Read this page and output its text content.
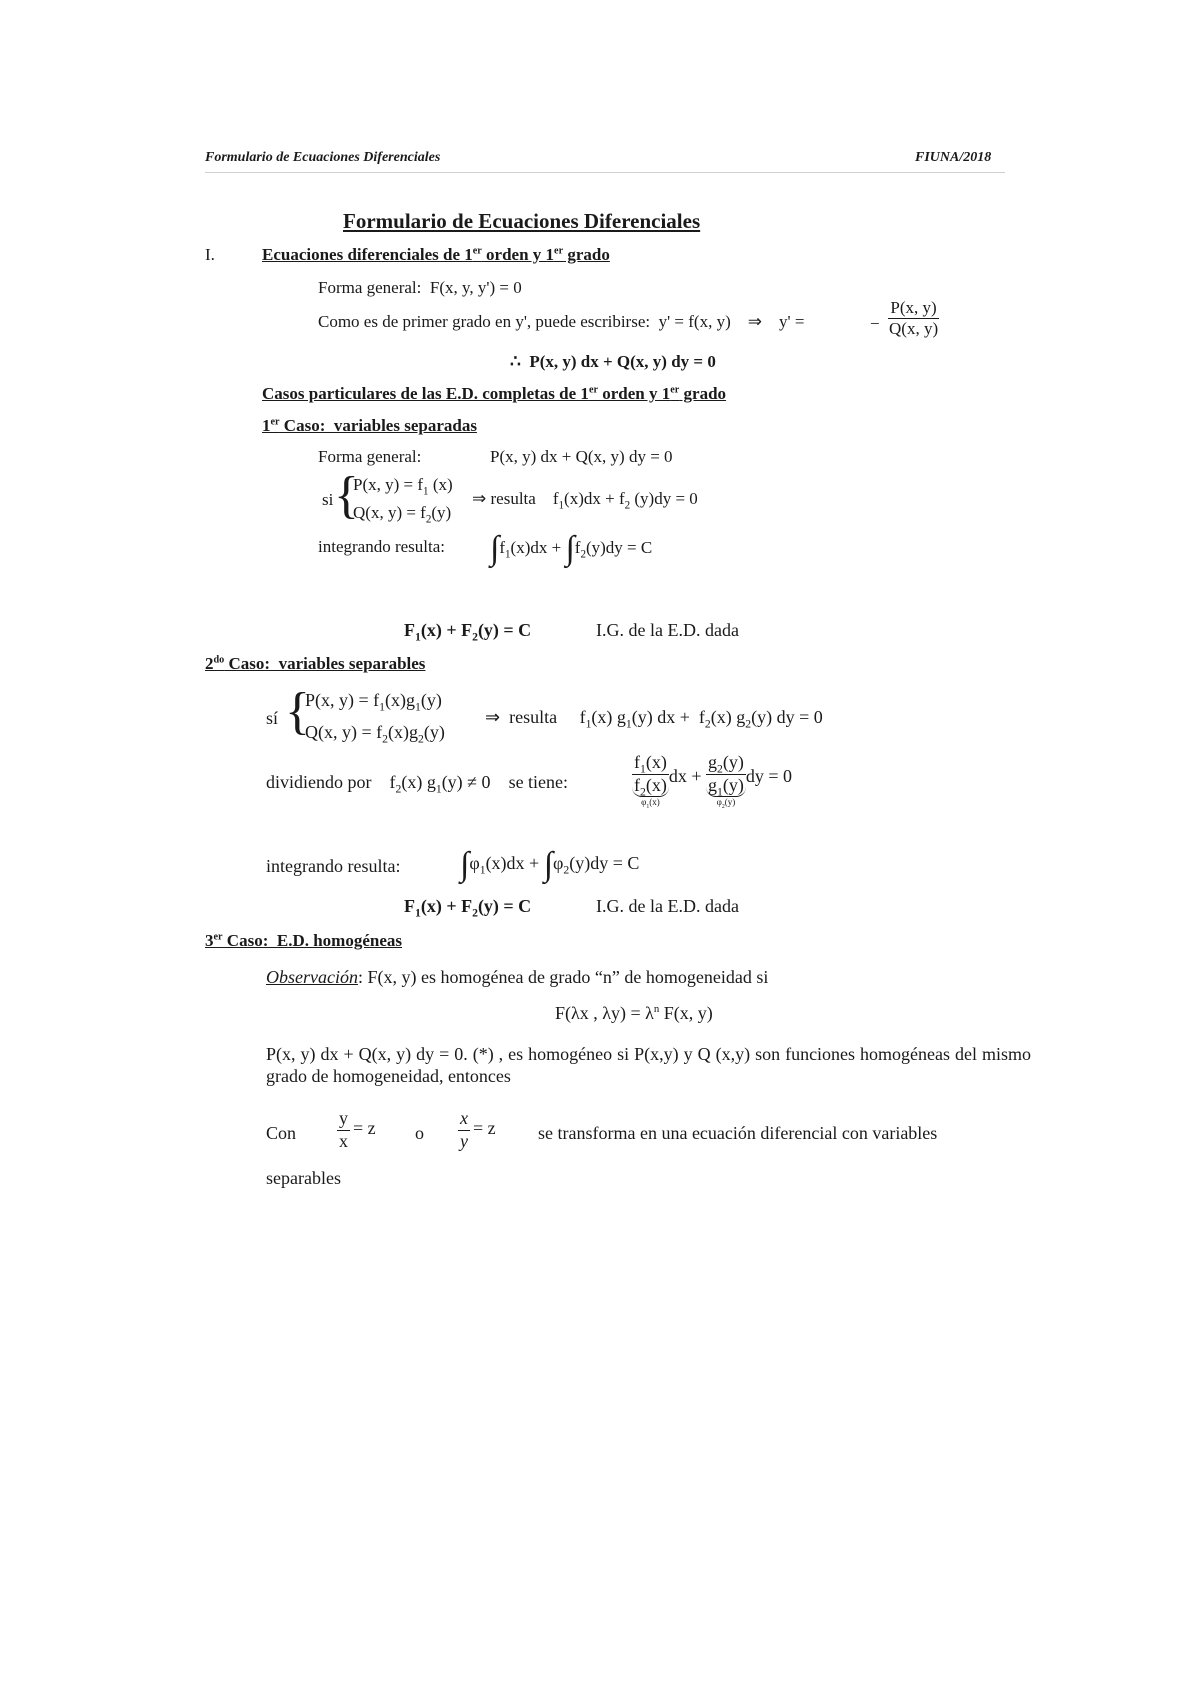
Formulario de Ecuaciones Diferenciales	FIUNA/2018
Formulario de Ecuaciones Diferenciales
I.	Ecuaciones diferenciales de 1er orden y 1er grado
Forma general: F(x, y, y') = 0
Como es de primer grado en y', puede escribirse: y' = f(x, y) ⇒ y' =	− $\frac{P(x, y)}{Q(x, y)}$
∴ P(x, y) dx + Q(x, y) dy = 0
Casos particulares de las E.D. completas de 1er orden y 1er grado
1er Caso:  variables separadas
Forma general:	P(x, y) dx + Q(x, y) dy = 0
si {
P(x, $y) = f_1$ (x)
Q(x, $y) = f_2(y)$
⇒ resulta    $f_1(x)dx + f_2$ (y)dy = 0
integrando resulta: $\int f_1(x)dx + \int f_2(y)dy = C$
$F_1(x) + F_2(y) = C$	I.G. de la E.D. dada
$2^{do}$ Caso:  variables separables
sí {
P(x, $y) = f_1(x)g_1(y)$
Q(x, $y) = f_2(x)g_2(y)$
⇒ resulta     $f_1(x)$ $g_1(y)$ dx +  $f_2(x)$ $g_2(y)$ dy = 0
dividiendo por    $f_2(x) g_1(y) \ne 0$    se tiene:	$\frac{f_1(x)}{f_2(x)}$
$\varphi_1(x)$
dx + $\frac{g_2(y)}{g_1(y)}$
$\varphi_2(y)$
dy = 0
integrando resulta: $\int\varphi_1(x)dx + \int\varphi_2(y)dy = C$
$F_1(x) + F_2(y) = C$	I.G. de la E.D. dada
3er Caso:  E.D. homogéneas
Observación: F(x, y) es homogénea de grado “n” de homogeneidad si
F(λx , $\lambda y) = \lambda^n$ F(x, y)
P(x, y) dx + Q(x, y) dy = 0. (*) , es homogéneo si P(x,y) y Q (x,y) son funciones homogéneas del mismo grado de homogeneidad, entonces
Con $\frac{y}{x} = z$ o $\frac{x}{y} = z$ se transforma en una ecuación diferencial con variables
separables
